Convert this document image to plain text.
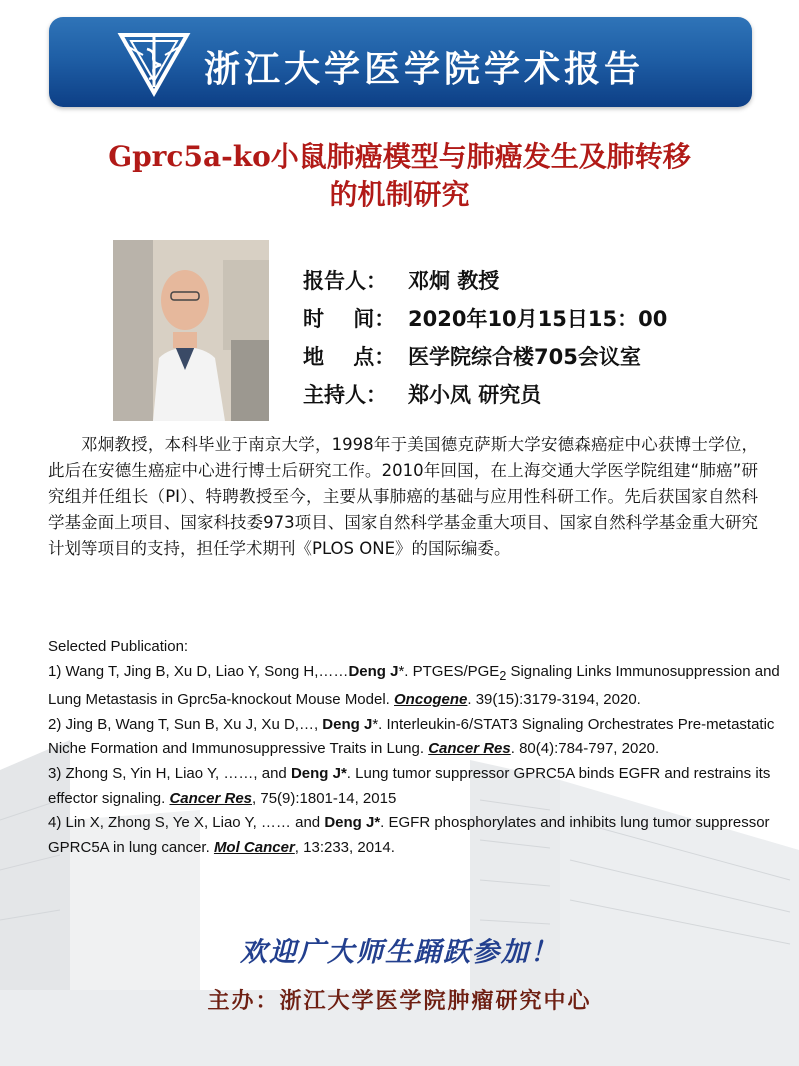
浙江大学医学院学术报告
Gprc5a-ko小鼠肺癌模型与肺癌发生及肺转移
的机制研究
报告人： 邓炯 教授
时    间： 2020年10月15日15：00
地    点： 医学院综合楼705会议室
主持人： 郑小凤 研究员
邓炯教授，本科毕业于南京大学，1998年于美国德克萨斯大学安德森癌症中心获博士学位，此后在安德生癌症中心进行博士后研究工作。2010年回国，在上海交通大学医学院组建“肺癌”研究组并任组长（PI）、特聘教授至今，主要从事肺癌的基础与应用性科研工作。先后获国家自然科学基金面上项目、国家科技委973项目、国家自然科学基金重大项目、国家自然科学基金重大研究计划等项目的支持，担任学术期刊《PLOS ONE》的国际编委。

Selected Publication:

1) Wang T, Jing B, Xu D, Liao Y, Song H,……Deng J*. PTGES/$PGE_2$ Signaling Links Immunosuppression and Lung Metastasis in Gprc5a-knockout Mouse Model. Oncogene. 39(15):3179-3194, 2020.

2) Jing B, Wang T, Sun B, Xu J, Xu D,…, Deng J*. Interleukin-6/STAT3 Signaling Orchestrates Pre-metastatic Niche Formation and Immunosuppressive Traits in Lung. Cancer Res. 80(4):784-797, 2020.

3) Zhong S, Yin H, Liao Y, ……, and Deng J*. Lung tumor suppressor GPRC5A binds EGFR and restrains its effector signaling. Cancer Res, 75(9):1801-14, 2015

4) Lin X, Zhong S, Ye X, Liao Y, …… and Deng J*. EGFR phosphorylates and inhibits lung tumor suppressor GPRC5A in lung cancer. Mol Cancer, 13:233, 2014.

欢迎广大师生踊跃参加！
主办：浙江大学医学院肿瘤研究中心
